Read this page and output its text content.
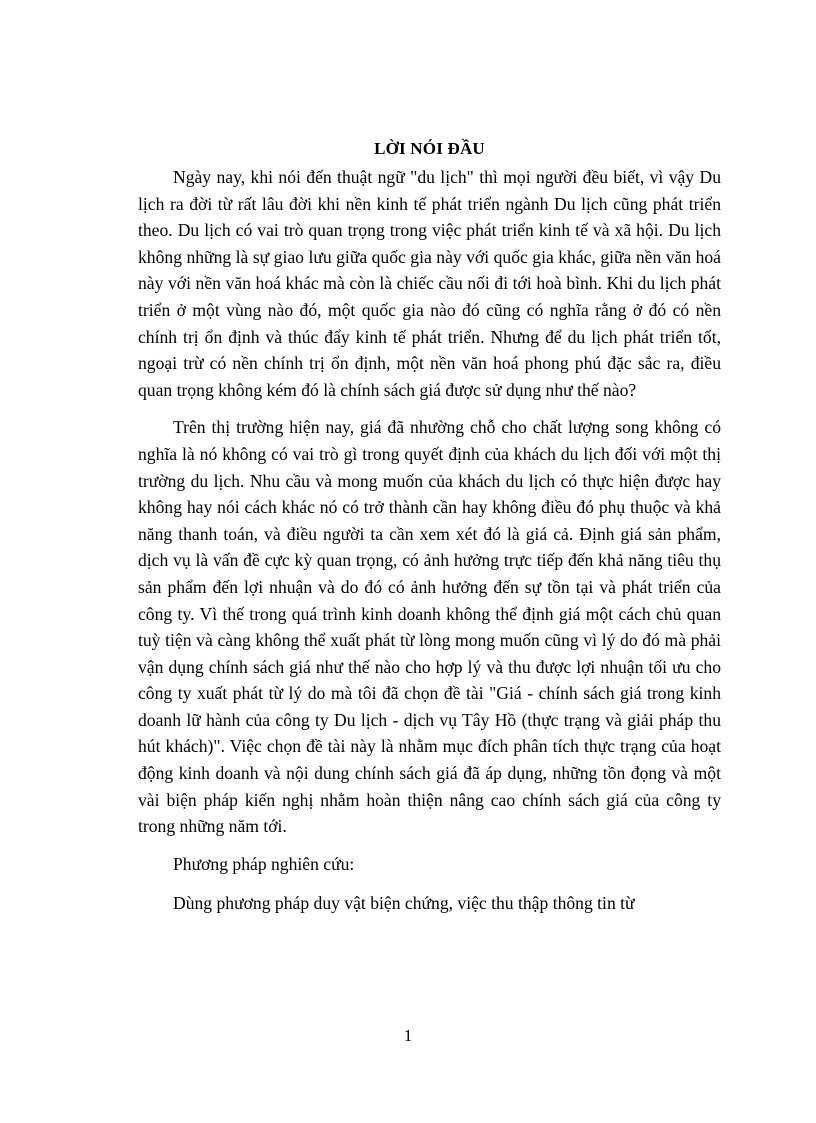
LỜI NÓI ĐẦU

Ngày nay, khi nói đến thuật ngữ "du lịch" thì mọi người đều biết, vì vậy Du lịch ra đời từ rất lâu đời khi nền kinh tế phát triển ngành Du lịch cũng phát triển theo. Du lịch có vai trò quan trọng trong việc phát triển kinh tế và xã hội. Du lịch không những là sự giao lưu giữa quốc gia này với quốc gia khác, giữa nền văn hoá này với nền văn hoá khác mà còn là chiếc cầu nối đi tới hoà bình. Khi du lịch phát triển ở một vùng nào đó, một quốc gia nào đó cũng có nghĩa rằng ở đó có nền chính trị ổn định và thúc đẩy kinh tế phát triển. Nhưng để du lịch phát triển tốt, ngoại trừ có nền chính trị ổn định, một nền văn hoá phong phú đặc sắc ra, điều quan trọng không kém đó là chính sách giá được sử dụng như thế nào?

Trên thị trường hiện nay, giá đã nhường chỗ cho chất lượng song không có nghĩa là nó không có vai trò gì trong quyết định của khách du lịch đối với một thị trường du lịch. Nhu cầu và mong muốn của khách du lịch có thực hiện được hay không hay nói cách khác nó có trở thành cần hay không điều đó phụ thuộc và khả năng thanh toán, và điều người ta cần xem xét đó là giá cả. Định giá sản phẩm, dịch vụ là vấn đề cực kỳ quan trọng, có ảnh hưởng trực tiếp đến khả năng tiêu thụ sản phẩm đến lợi nhuận và do đó có ảnh hưởng đến sự tồn tại và phát triển của công ty. Vì thế trong quá trình kinh doanh không thể định giá một cách chủ quan tuỳ tiện và càng không thể xuất phát từ lòng mong muốn cũng vì lý do đó mà phải vận dụng chính sách giá như thế nào cho hợp lý và thu được lợi nhuận tối ưu cho công ty xuất phát từ lý do mà tôi đã chọn đề tài "Giá - chính sách giá trong kinh doanh lữ hành của công ty Du lịch - dịch vụ Tây Hồ (thực trạng và giải pháp thu hút khách)". Việc chọn đề tài này là nhằm mục đích phân tích thực trạng của hoạt động kinh doanh và nội dung chính sách giá đã áp dụng, những tồn đọng và một vài biện pháp kiến nghị nhằm hoàn thiện nâng cao chính sách giá của công ty trong những năm tới.

Phương pháp nghiên cứu:

Dùng phương pháp duy vật biện chứng, việc thu thập thông tin từ

1
